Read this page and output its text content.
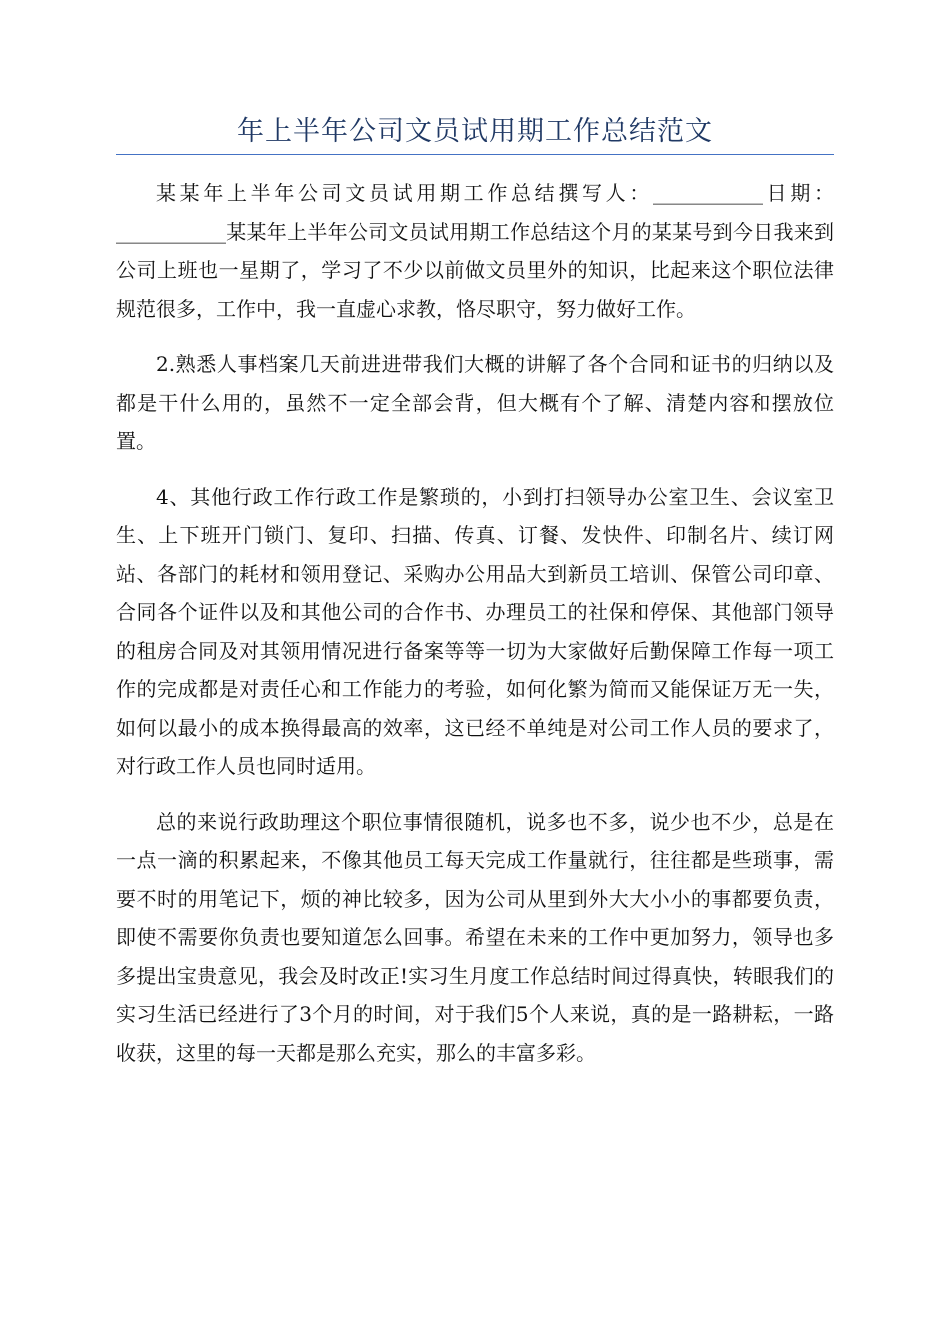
年上半年公司文员试用期工作总结范文

某某年上半年公司文员试用期工作总结撰写人：___________日期：___________某某年上半年公司文员试用期工作总结这个月的某某号到今日我来到公司上班也一星期了，学习了不少以前做文员里外的知识，比起来这个职位法律规范很多，工作中，我一直虚心求教，恪尽职守，努力做好工作。

2.熟悉人事档案几天前进进带我们大概的讲解了各个合同和证书的归纳以及都是干什么用的，虽然不一定全部会背，但大概有个了解、清楚内容和摆放位置。

4、其他行政工作行政工作是繁琐的，小到打扫领导办公室卫生、会议室卫生、上下班开门锁门、复印、扫描、传真、订餐、发快件、印制名片、续订网站、各部门的耗材和领用登记、采购办公用品大到新员工培训、保管公司印章、合同各个证件以及和其他公司的合作书、办理员工的社保和停保、其他部门领导的租房合同及对其领用情况进行备案等等一切为大家做好后勤保障工作每一项工作的完成都是对责任心和工作能力的考验，如何化繁为简而又能保证万无一失，如何以最小的成本换得最高的效率，这已经不单纯是对公司工作人员的要求了，对行政工作人员也同时适用。

总的来说行政助理这个职位事情很随机，说多也不多，说少也不少，总是在一点一滴的积累起来，不像其他员工每天完成工作量就行，往往都是些琐事，需要不时的用笔记下，烦的神比较多，因为公司从里到外大大小小的事都要负责，即使不需要你负责也要知道怎么回事。希望在未来的工作中更加努力，领导也多多提出宝贵意见，我会及时改正!实习生月度工作总结时间过得真快，转眼我们的实习生活已经进行了3个月的时间，对于我们5个人来说，真的是一路耕耘，一路收获，这里的每一天都是那么充实，那么的丰富多彩。
